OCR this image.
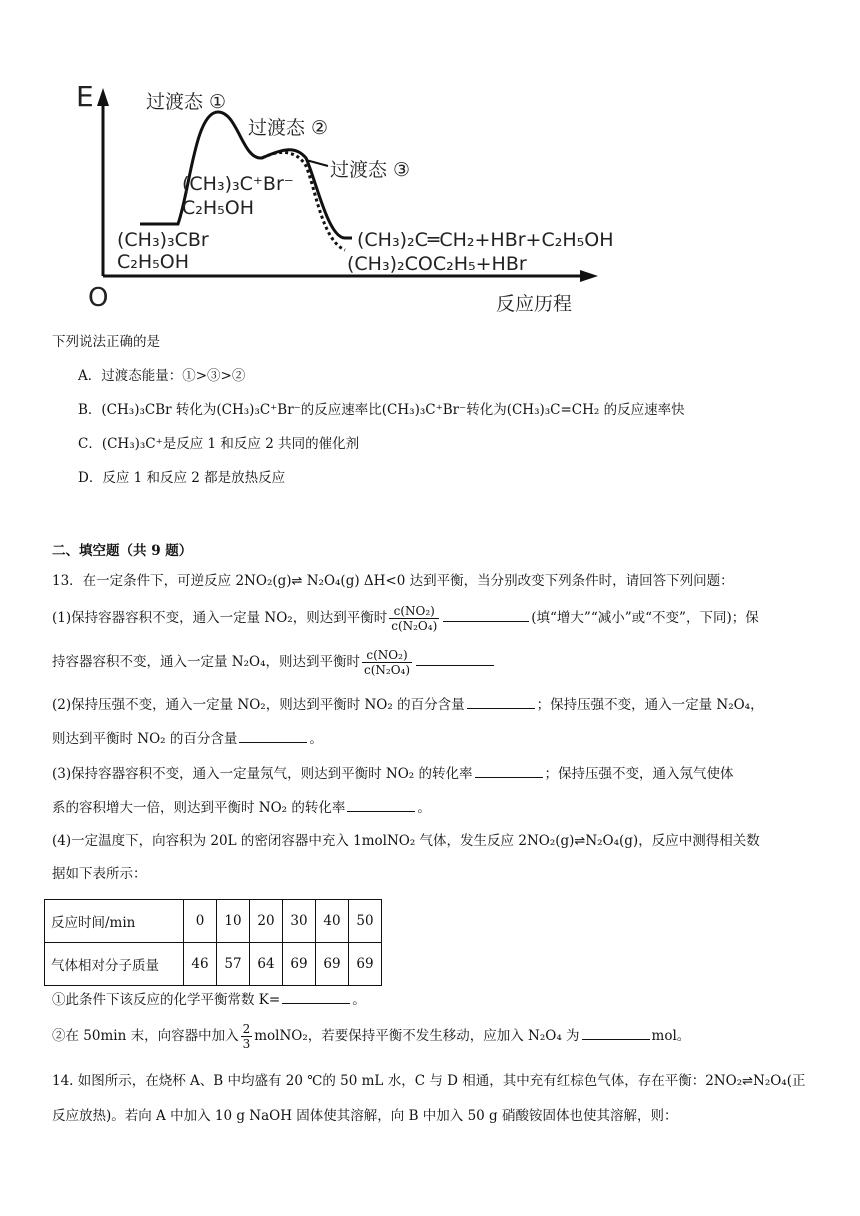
E
O	反应历程
过渡态 ①
过渡态 ②
过渡态 ③
(CH₃)₃C⁺Br⁻
C₂H₅OH
(CH₃)₃CBr
C₂H₅OH
(CH₃)₂C═CH₂+HBr+C₂H₅OH
(CH₃)₂COC₂H₅+HBr
下列说法正确的是
A．过渡态能量：①>③>②
B．(CH₃)₃CBr 转化为(CH₃)₃C⁺Br⁻的反应速率比(CH₃)₃C⁺Br⁻转化为(CH₃)₃C=CH₂ 的反应速率快
C．(CH₃)₃C⁺是反应 1 和反应 2 共同的催化剂
D．反应 1 和反应 2 都是放热反应
二、填空题（共 9 题）
13．在一定条件下，可逆反应 2NO₂(g)⇌ N₂O₄(g) ΔH<0 达到平衡，当分别改变下列条件时，请回答下列问题：
(1)保持容器容积不变，通入一定量 NO₂，则达到平衡时 $\frac{\text{c(NO₂)}}{\text{c(N₂O₄)}}$	(填“增大”“减小”或“不变”，下同)；保
持容器容积不变，通入一定量 N₂O₄，则达到平衡时 $\frac{\text{c(NO₂)}}{\text{c(N₂O₄)}}$
(2)保持压强不变，通入一定量 NO₂，则达到平衡时 NO₂ 的百分含量	；保持压强不变，通入一定量 N₂O₄，
则达到平衡时 NO₂ 的百分含量	。
(3)保持容器容积不变，通入一定量氖气，则达到平衡时 NO₂ 的转化率	；保持压强不变，通入氖气使体
系的容积增大一倍，则达到平衡时 NO₂ 的转化率	。
(4)一定温度下，向容积为 20L 的密闭容器中充入 1molNO₂ 气体，发生反应 2NO₂(g)⇌N₂O₄(g)，反应中测得相关数
据如下表所示：
反应时间/min	0	10	20	30	40	50
气体相对分子质量	46	57	64	69	69	69
①此条件下该反应的化学平衡常数 K=	。
②在 50min 末，向容器中加入 $\frac{2}{3}$ molNO₂，若要保持平衡不发生移动，应加入 N₂O₄ 为	mol。
14. 如图所示，在烧杯 A、B 中均盛有 20 ℃的 50 mL 水，C 与 D 相通，其中充有红棕色气体，存在平衡：2NO₂⇌N₂O₄(正
反应放热)。若向 A 中加入 10 g NaOH 固体使其溶解，向 B 中加入 50 g 硝酸铵固体也使其溶解，则：
